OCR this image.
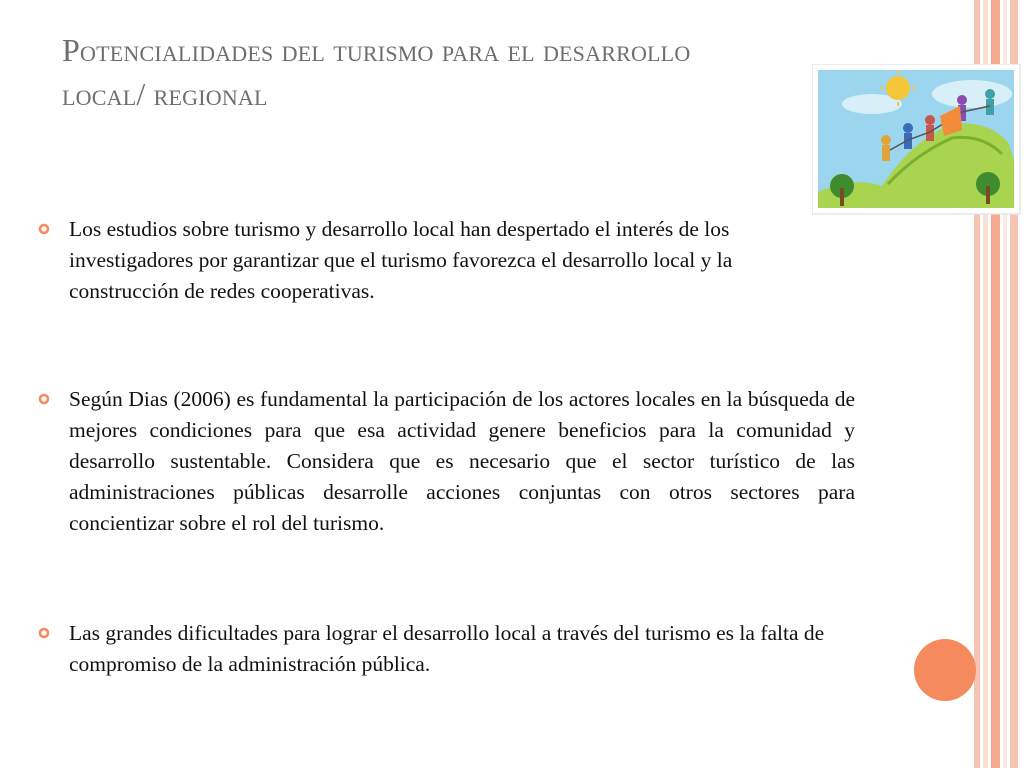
Potencialidades del turismo para el desarrollo
local/ regional
Los estudios sobre turismo y desarrollo local han despertado el interés de los investigadores por garantizar que el turismo favorezca el desarrollo local y la construcción de redes cooperativas.
Según Dias (2006) es fundamental la participación de los actores locales en la búsqueda de mejores condiciones para que esa actividad genere beneficios para la comunidad y desarrollo sustentable. Considera que es necesario que el sector turístico de las administraciones públicas desarrolle acciones conjuntas con otros sectores para concientizar sobre el rol del turismo.
Las grandes dificultades para lograr el desarrollo local a través del turismo es la falta de compromiso de la administración pública.
